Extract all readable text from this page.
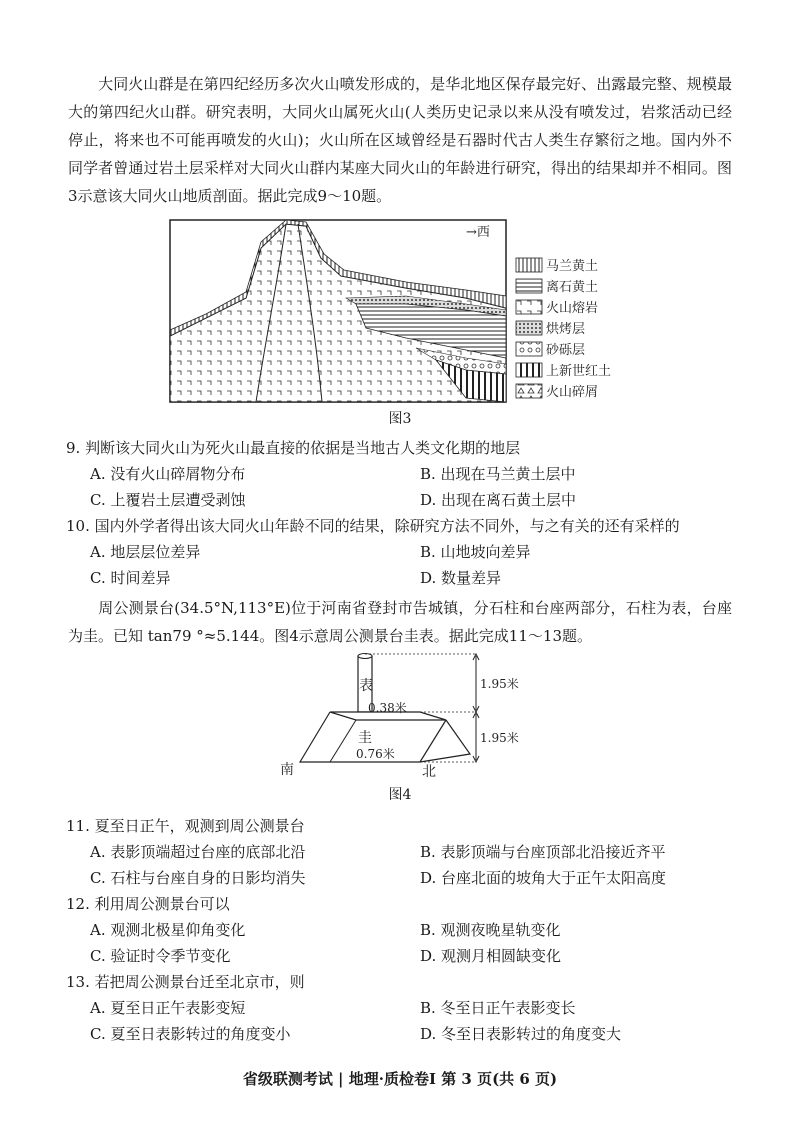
大同火山群是在第四纪经历多次火山喷发形成的，是华北地区保存最完好、出露最完整、规模最大的第四纪火山群。研究表明，大同火山属死火山(人类历史记录以来从没有喷发过，岩浆活动已经停止，将来也不可能再喷发的火山)；火山所在区域曾经是石器时代古人类生存繁衍之地。国内外不同学者曾通过岩土层采样对大同火山群内某座大同火山的年龄进行研究，得出的结果却并不相同。图3示意该大同火山地质剖面。据此完成9～10题。

→西
马兰黄土
离石黄土
火山熔岩
烘烤层
砂砾层
上新世红土
火山碎屑
图3

9. 判断该大同火山为死火山最直接的依据是当地古人类文化期的地层

A. 没有火山碎屑物分布	B. 出现在马兰黄土层中
C. 上覆岩土层遭受剥蚀	D. 出现在离石黄土层中

10. 国内外学者得出该大同火山年龄不同的结果，除研究方法不同外，与之有关的还有采样的

A. 地层层位差异	B. 山地坡向差异
C. 时间差异	D. 数量差异

周公测景台(34.5°N,113°E)位于河南省登封市告城镇，分石柱和台座两部分，石柱为表，台座为圭。已知 tan79 °≈5.144。图4示意周公测景台圭表。据此完成11～13题。

表
0.38米
圭
0.76米
1.95米
1.95米
南	北
图4

11. 夏至日正午，观测到周公测景台

A. 表影顶端超过台座的底部北沿	B. 表影顶端与台座顶部北沿接近齐平
C. 石柱与台座自身的日影均消失	D. 台座北面的坡角大于正午太阳高度

12. 利用周公测景台可以

A. 观测北极星仰角变化	B. 观测夜晚星轨变化
C. 验证时令季节变化	D. 观测月相圆缺变化

13. 若把周公测景台迁至北京市，则

A. 夏至日正午表影变短	B. 冬至日正午表影变长
C. 夏至日表影转过的角度变小	D. 冬至日表影转过的角度变大
省级联测考试 | 地理·质检卷Ⅰ 第 3 页(共 6 页)
